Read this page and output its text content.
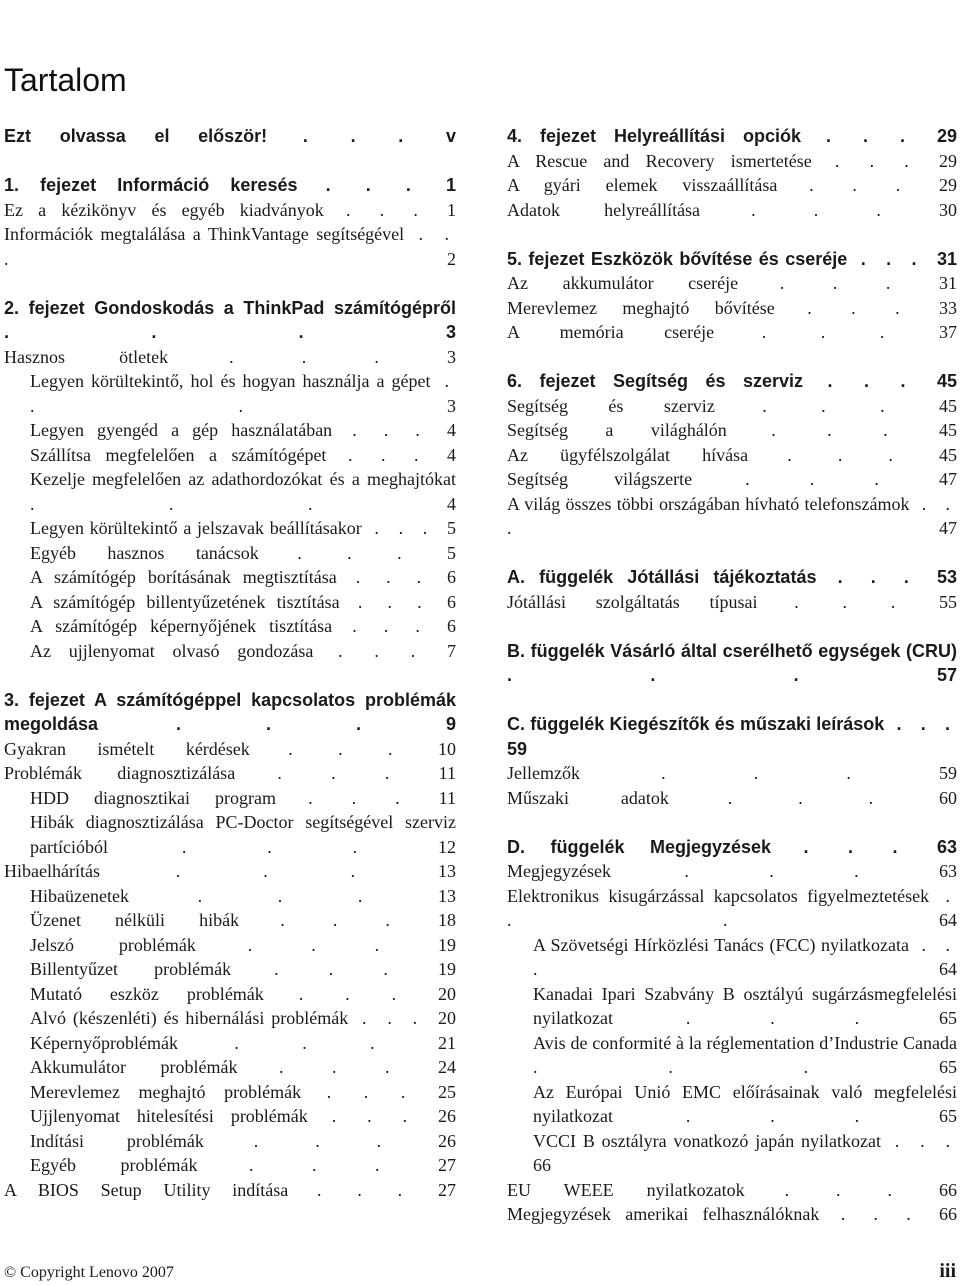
Tartalom
Ezt olvassa el először! . . . v
1. fejezet Információ keresés . . . 1
Ez a kézikönyv és egyéb kiadványok . . . 1
Információk megtalálása a ThinkVantage segítségével . . . 2
2. fejezet Gondoskodás a ThinkPad számítógépről . . . 3
Hasznos ötletek . . . 3
Legyen körültekintő, hol és hogyan használja a gépet . . . 3
Legyen gyengéd a gép használatában . . . 4
Szállítsa megfelelően a számítógépet . . . 4
Kezelje megfelelően az adathordozókat és a meghajtókat . . . 4
Legyen körültekintő a jelszavak beállításakor . . . 5
Egyéb hasznos tanácsok . . . 5
A számítógép borításának megtisztítása . . . 6
A számítógép billentyűzetének tisztítása . . . 6
A számítógép képernyőjének tisztítása . . . 6
Az ujjlenyomat olvasó gondozása . . . 7
3. fejezet A számítógéppel kapcsolatos problémák megoldása . . . 9
Gyakran ismételt kérdések . . . 10
Problémák diagnosztizálása . . . 11
HDD diagnosztikai program . . . 11
Hibák diagnosztizálása PC-Doctor segítségével szerviz partícióból . . . 12
Hibaelhárítás . . . 13
Hibaüzenetek . . . 13
Üzenet nélküli hibák . . . 18
Jelszó problémák . . . 19
Billentyűzet problémák . . . 19
Mutató eszköz problémák . . . 20
Alvó (készenléti) és hibernálási problémák . . . 20
Képernyőproblémák . . . 21
Akkumulátor problémák . . . 24
Merevlemez meghajtó problémák . . . 25
Ujjlenyomat hitelesítési problémák . . . 26
Indítási problémák . . . 26
Egyéb problémák . . . 27
A BIOS Setup Utility indítása . . . 27
4. fejezet Helyreállítási opciók . . . 29
A Rescue and Recovery ismertetése . . . 29
A gyári elemek visszaállítása . . . 29
Adatok helyreállítása . . . 30
5. fejezet Eszközök bővítése és cseréje . . . 31
Az akkumulátor cseréje . . . 31
Merevlemez meghajtó bővítése . . . 33
A memória cseréje . . . 37
6. fejezet Segítség és szerviz . . . 45
Segítség és szerviz . . . 45
Segítség a világhálón . . . 45
Az ügyfélszolgálat hívása . . . 45
Segítség világszerte . . . 47
A világ összes többi országában hívható telefonszámok . . . 47
A. függelék Jótállási tájékoztatás . . . 53
Jótállási szolgáltatás típusai . . . 55
B. függelék Vásárló által cserélhető egységek (CRU) . . . 57
C. függelék Kiegészítők és műszaki leírások . . . 59
Jellemzők . . . 59
Műszaki adatok . . . 60
D. függelék Megjegyzések . . . 63
Megjegyzések . . . 63
Elektronikus kisugárzással kapcsolatos figyelmeztetések . . . 64
A Szövetségi Hírközlési Tanács (FCC) nyilatkozata . . . 64
Kanadai Ipari Szabvány B osztályú sugárzásmegfelelési nyilatkozat . . . 65
Avis de conformité à la réglementation d’Industrie Canada . . . 65
Az Európai Unió EMC előírásainak való megfelelési nyilatkozat . . . 65
VCCI B osztályra vonatkozó japán nyilatkozat . . . 66
EU WEEE nyilatkozatok . . . 66
Megjegyzések amerikai felhasználóknak . . . 66
© Copyright Lenovo 2007	iii
